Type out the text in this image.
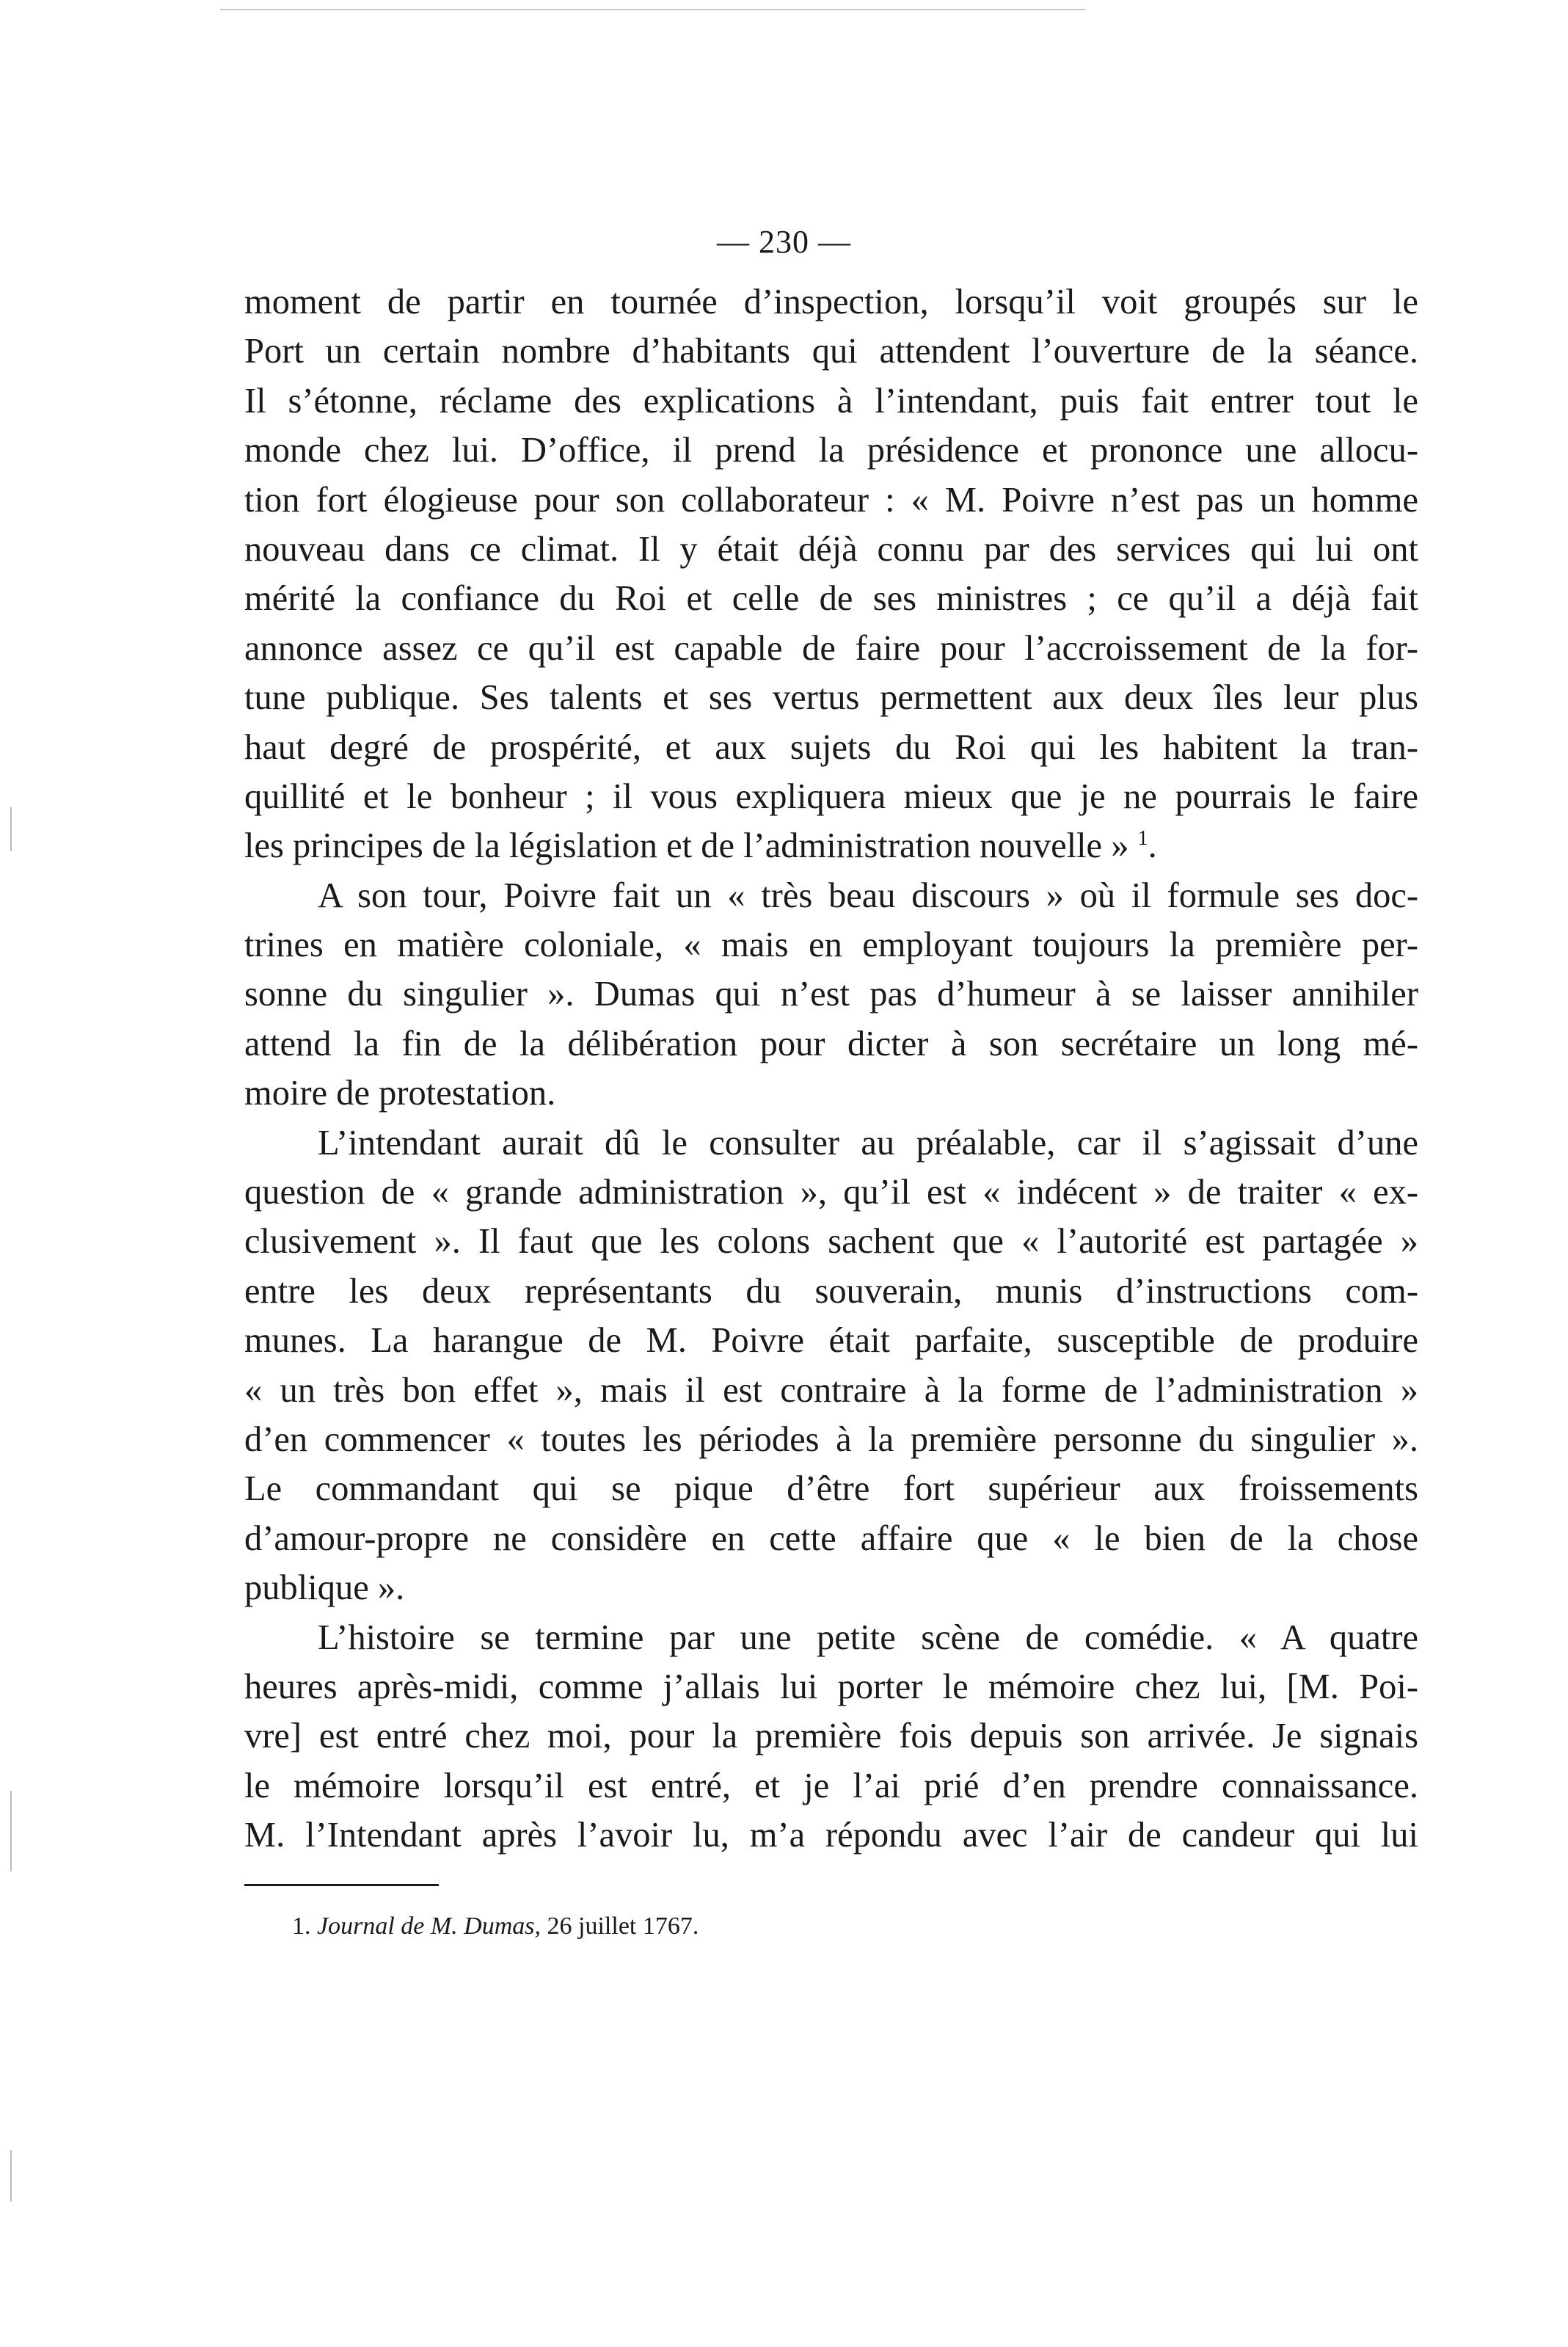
— 230 —
moment de partir en tournée d’inspection, lorsqu’il voit groupés sur le
Port un certain nombre d’habitants qui attendent l’ouverture de la séance.
Il s’étonne, réclame des explications à l’intendant, puis fait entrer tout le
monde chez lui. D’office, il prend la présidence et prononce une allocu-
tion fort élogieuse pour son collaborateur : « M. Poivre n’est pas un homme
nouveau dans ce climat. Il y était déjà connu par des services qui lui ont
mérité la confiance du Roi et celle de ses ministres ; ce qu’il a déjà fait
annonce assez ce qu’il est capable de faire pour l’accroissement de la for-
tune publique. Ses talents et ses vertus permettent aux deux îles leur plus
haut degré de prospérité, et aux sujets du Roi qui les habitent la tran-
quillité et le bonheur ; il vous expliquera mieux que je ne pourrais le faire
les principes de la législation et de l’administration nouvelle » $^1$.
A son tour, Poivre fait un « très beau discours » où il formule ses doc-
trines en matière coloniale, « mais en employant toujours la première per-
sonne du singulier ». Dumas qui n’est pas d’humeur à se laisser annihiler
attend la fin de la délibération pour dicter à son secrétaire un long mé-
moire de protestation.
L’intendant aurait dû le consulter au préalable, car il s’agissait d’une
question de « grande administration », qu’il est « indécent » de traiter « ex-
clusivement ». Il faut que les colons sachent que « l’autorité est partagée »
entre les deux représentants du souverain, munis d’instructions com-
munes. La harangue de M. Poivre était parfaite, susceptible de produire
« un très bon effet », mais il est contraire à la forme de l’administration »
d’en commencer « toutes les périodes à la première personne du singulier ».
Le commandant qui se pique d’être fort supérieur aux froissements
d’amour-propre ne considère en cette affaire que « le bien de la chose
publique ».
L’histoire se termine par une petite scène de comédie. « A quatre
heures après-midi, comme j’allais lui porter le mémoire chez lui, [M. Poi-
vre] est entré chez moi, pour la première fois depuis son arrivée. Je signais
le mémoire lorsqu’il est entré, et je l’ai prié d’en prendre connaissance.
M. l’Intendant après l’avoir lu, m’a répondu avec l’air de candeur qui lui
1. Journal de M. Dumas, 26 juillet 1767.
